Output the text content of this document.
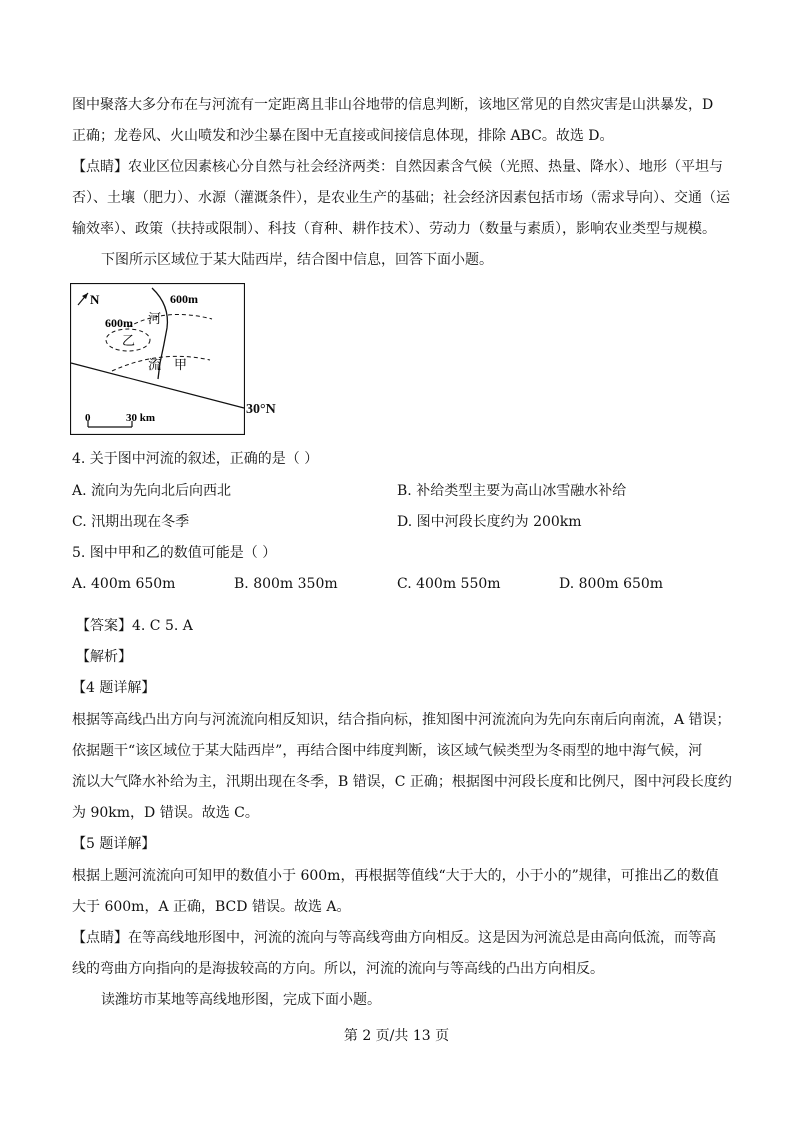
图中聚落大多分布在与河流有一定距离且非山谷地带的信息判断，该地区常见的自然灾害是山洪暴发，D
正确；龙卷风、火山喷发和沙尘暴在图中无直接或间接信息体现，排除 ABC。故选 D。
【点睛】农业区位因素核心分自然与社会经济两类：自然因素含气候（光照、热量、降水）、地形（平坦与
否）、土壤（肥力）、水源（灌溉条件），是农业生产的基础；社会经济因素包括市场（需求导向）、交通（运
输效率）、政策（扶持或限制）、科技（育种、耕作技术）、劳动力（数量与素质），影响农业类型与规模。
下图所示区域位于某大陆西岸，结合图中信息，回答下面小题。
N	600m
600m
乙
河
流 甲
0	30 km
30°N
4. 关于图中河流的叙述，正确的是（ ）
A. 流向为先向北后向西北	B. 补给类型主要为高山冰雪融水补给
C. 汛期出现在冬季	D. 图中河段长度约为 200km
5. 图中甲和乙的数值可能是（ ）
A. 400m 650m	B. 800m 350m	C. 400m 550m	D. 800m 650m
【答案】4. C 5. A
【解析】
【4 题详解】
根据等高线凸出方向与河流流向相反知识，结合指向标，推知图中河流流向为先向东南后向南流，A 错误；
依据题干“该区域位于某大陆西岸”，再结合图中纬度判断，该区域气候类型为冬雨型的地中海气候，河
流以大气降水补给为主，汛期出现在冬季，B 错误，C 正确；根据图中河段长度和比例尺，图中河段长度约
为 90km，D 错误。故选 C。
【5 题详解】
根据上题河流流向可知甲的数值小于 600m，再根据等值线“大于大的，小于小的”规律，可推出乙的数值
大于 600m，A 正确，BCD 错误。故选 A。
【点睛】在等高线地形图中，河流的流向与等高线弯曲方向相反。这是因为河流总是由高向低流，而等高
线的弯曲方向指向的是海拔较高的方向。所以，河流的流向与等高线的凸出方向相反。
读潍坊市某地等高线地形图，完成下面小题。
第 2 页/共 13 页
